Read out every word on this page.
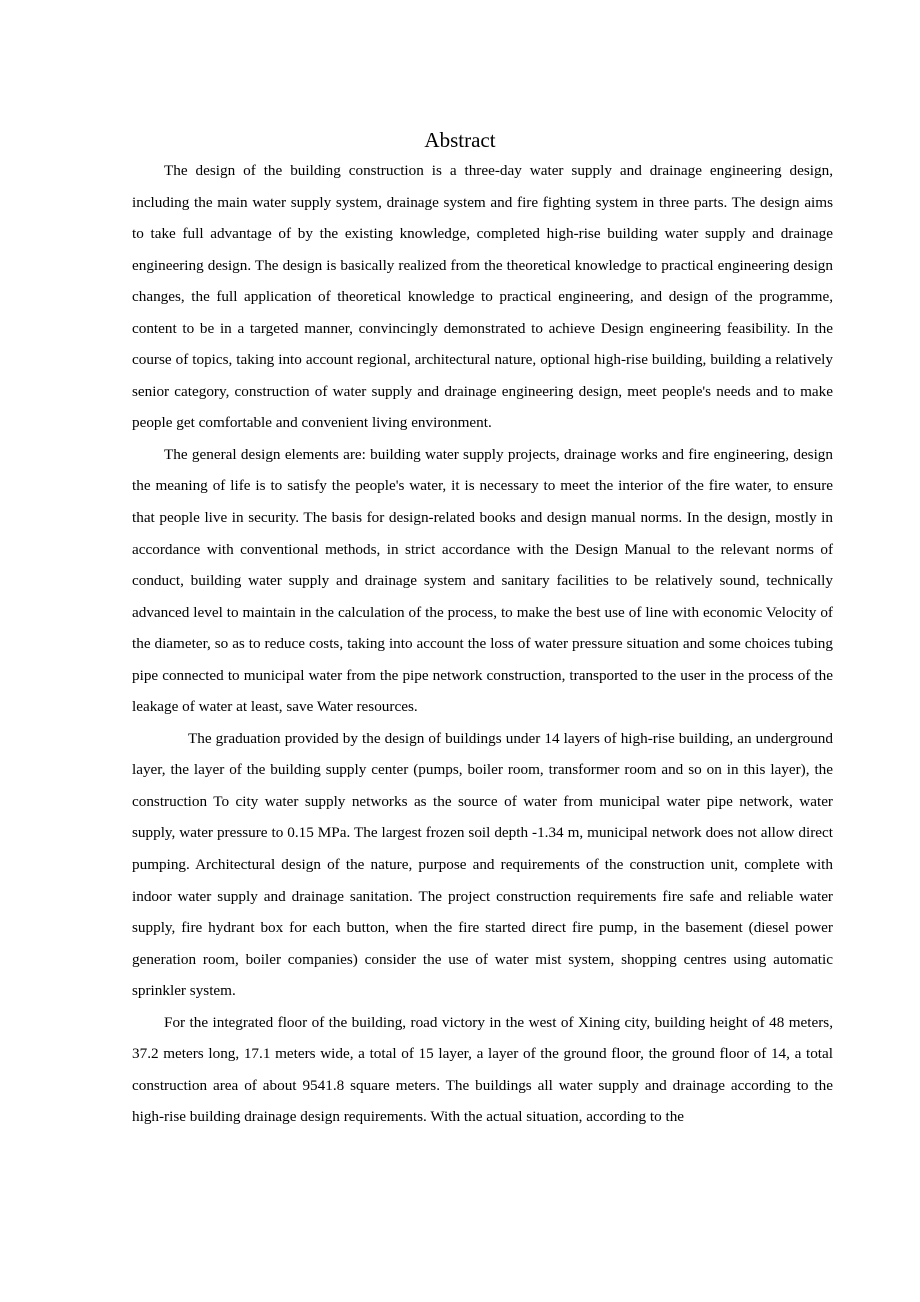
Abstract

The design of the building construction is a three-day water supply and drainage engineering design, including the main water supply system, drainage system and fire fighting system in three parts. The design aims to take full advantage of by the existing knowledge, completed high-rise building water supply and drainage engineering design. The design is basically realized from the theoretical knowledge to practical engineering design changes, the full application of theoretical knowledge to practical engineering, and design of the programme, content to be in a targeted manner, convincingly demonstrated to achieve Design engineering feasibility. In the course of topics, taking into account regional, architectural nature, optional high-rise building, building a relatively senior category, construction of water supply and drainage engineering design, meet people's needs and to make people get comfortable and convenient living environment.

The general design elements are: building water supply projects, drainage works and fire engineering, design the meaning of life is to satisfy the people's water, it is necessary to meet the interior of the fire water, to ensure that people live in security. The basis for design-related books and design manual norms. In the design, mostly in accordance with conventional methods, in strict accordance with the Design Manual to the relevant norms of conduct, building water supply and drainage system and sanitary facilities to be relatively sound, technically advanced level to maintain in the calculation of the process, to make the best use of line with economic Velocity of the diameter, so as to reduce costs, taking into account the loss of water pressure situation and some choices tubing pipe connected to municipal water from the pipe network construction, transported to the user in the process of the leakage of water at least, save Water resources.

The graduation provided by the design of buildings under 14 layers of high-rise building, an underground layer, the layer of the building supply center (pumps, boiler room, transformer room and so on in this layer), the construction To city water supply networks as the source of water from municipal water pipe network, water supply, water pressure to 0.15 MPa. The largest frozen soil depth -1.34 m, municipal network does not allow direct pumping. Architectural design of the nature, purpose and requirements of the construction unit, complete with indoor water supply and drainage sanitation. The project construction requirements fire safe and reliable water supply, fire hydrant box for each button, when the fire started direct fire pump, in the basement (diesel power generation room, boiler companies) consider the use of water mist system, shopping centres using automatic sprinkler system.

For the integrated floor of the building, road victory in the west of Xining city, building height of 48 meters, 37.2 meters long, 17.1 meters wide, a total of 15 layer, a layer of the ground floor, the ground floor of 14, a total construction area of about 9541.8 square meters. The buildings all water supply and drainage according to the high-rise building drainage design requirements. With the actual situation, according to the
